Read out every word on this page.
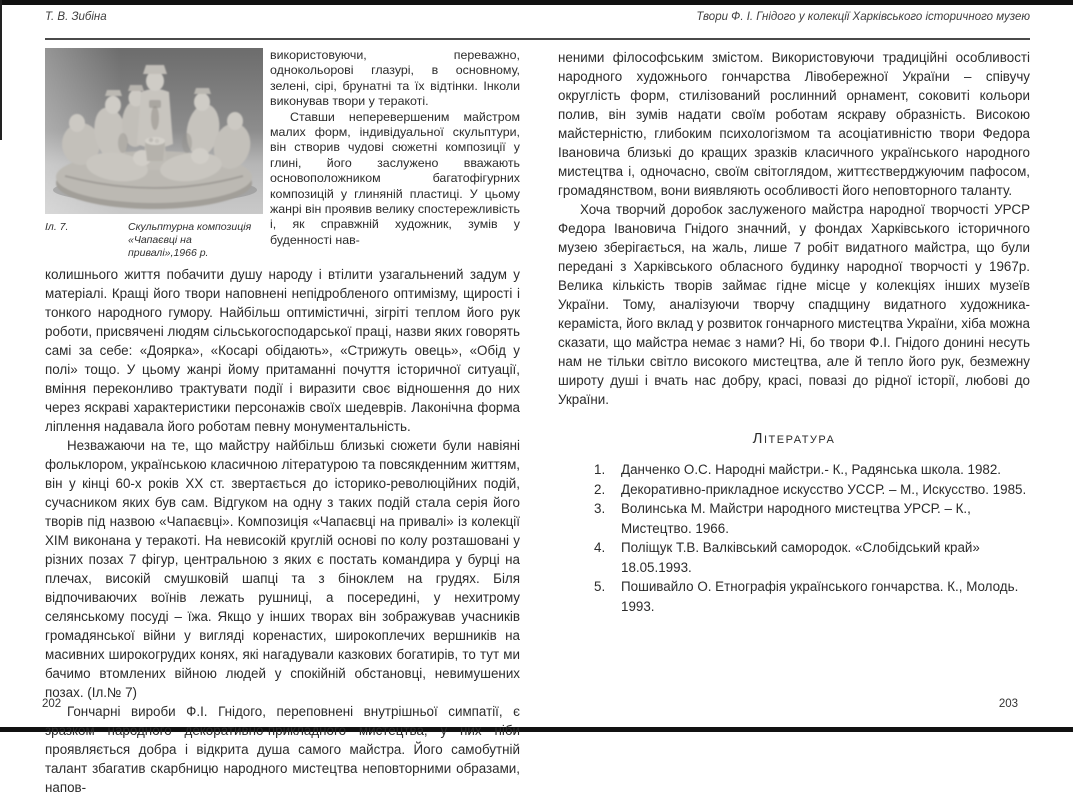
Т. В. Зибіна	Твори Ф. І. Гнідого у колекції Харківського історичного музею
Іл. 7.	Скульптурна композиція «Чапаєвці на привалі»,1966 р.

використовуючи, переважно, однокольорові глазурі, в основному, зелені, сірі, брунатні та їх відтінки. Інколи виконував твори у теракоті.

Ставши неперевершеним майстром малих форм, індивідуальної скульптури, він створив чудові сюжетні композиції у глині, його заслужено вважають основоположником багатофігурних композицій у глиняній пластиці. У цьому жанрі він проявив велику спостережливість і, як справжній художник, зумів у буденності нав-

колишнього життя побачити душу народу і втілити узагальнений задум у матеріалі. Кращі його твори наповнені непідробленого оптимізму, щирості і тонкого народного гумору. Найбільш оптимістичні, зігріті теплом його рук роботи, присвячені людям сільськогосподарської праці, назви яких говорять самі за себе: «Доярка», «Косарі обідають», «Стрижуть овець», «Обід у полі» тощо. У цьому жанрі йому притаманні почуття історичної ситуації, вміння переконливо трактувати події і виразити своє відношення до них через яскраві характеристики персонажів своїх шедеврів. Лаконічна форма ліплення надавала його роботам певну монументальність.

Незважаючи на те, що майстру найбільш близькі сюжети були навіяні фольклором, українською класичною літературою та повсякденним життям, він у кінці 60-х років ХХ ст. звертається до історико-революційних подій, сучасником яких був сам. Відгуком на одну з таких подій стала серія його творів під назвою «Чапаєвці». Композиція «Чапаєвці на привалі» із колекції ХІМ виконана у теракоті. На невисокій круглій основі по колу розташовані у різних позах 7 фігур, центральною з яких є постать командира у бурці на плечах, високій смушковій шапці та з біноклем на грудях. Біля відпочиваючих воїнів лежать рушниці, а посередині, у нехитрому селянському посуді – їжа. Якщо у інших творах він зображував учасників громадянської війни у вигляді коренастих, широкоплечих вершників на масивних широкогрудих конях, які нагадували казкових богатирів, то тут ми бачимо втомлених війною людей у спокійній обстановці, невимушених позах. (Іл.№ 7)

Гончарні вироби Ф.І. Гнідого, переповнені внутрішньої симпатії, є зразком народного декоративно-прикладного мистецтва, у них ніби проявляється добра і відкрита душа самого майстра. Його самобутній талант збагатив скарбницю народного мистецтва неповторними образами, напов-

202

неними філософським змістом. Використовуючи традиційні особливості народного художнього гончарства Лівобережної України – співучу округлість форм, стилізований рослинний орнамент, соковиті кольори полив, він зумів надати своїм роботам яскраву образність. Високою майстерністю, глибоким психологізмом та асоціативністю твори Федора Івановича близькі до кращих зразків класичного українського народного мистецтва і, одночасно, своїм світоглядом, життєстверджуючим пафосом, громадянством, вони виявляють особливості його неповторного таланту.

Хоча творчий доробок заслуженого майстра народної творчості УРСР Федора Івановича Гнідого значний, у фондах Харківського історичного музею зберігається, на жаль, лише 7 робіт видатного майстра, що були передані з Харківського обласного будинку народної творчості у 1967р. Велика кількість творів займає гідне місце у колекціях інших музеїв України. Тому, аналізуючи творчу спадщину видатного художника-кераміста, його вклад у розвиток гончарного мистецтва України, хіба можна сказати, що майстра немає з нами? Ні, бо твори Ф.І. Гнідого донині несуть нам не тільки світло високого мистецтва, але й тепло його рук, безмежну широту душі і вчать нас добру, красі, повазі до рідної історії, любові до України.

Література
1.	Данченко О.С. Народні майстри.- К., Радянська школа. 1982.
2.	Декоративно-прикладное искусство УССР. – М., Искусство. 1985.
3.	Волинська М. Майстри народного мистецтва УРСР. – К., Мистецтво. 1966.
4.	Поліщук Т.В. Валківський самородок. «Слобідський край» 18.05.1993.
5.	Пошивайло О. Етнографія українського гончарства. К., Молодь. 1993.
203
